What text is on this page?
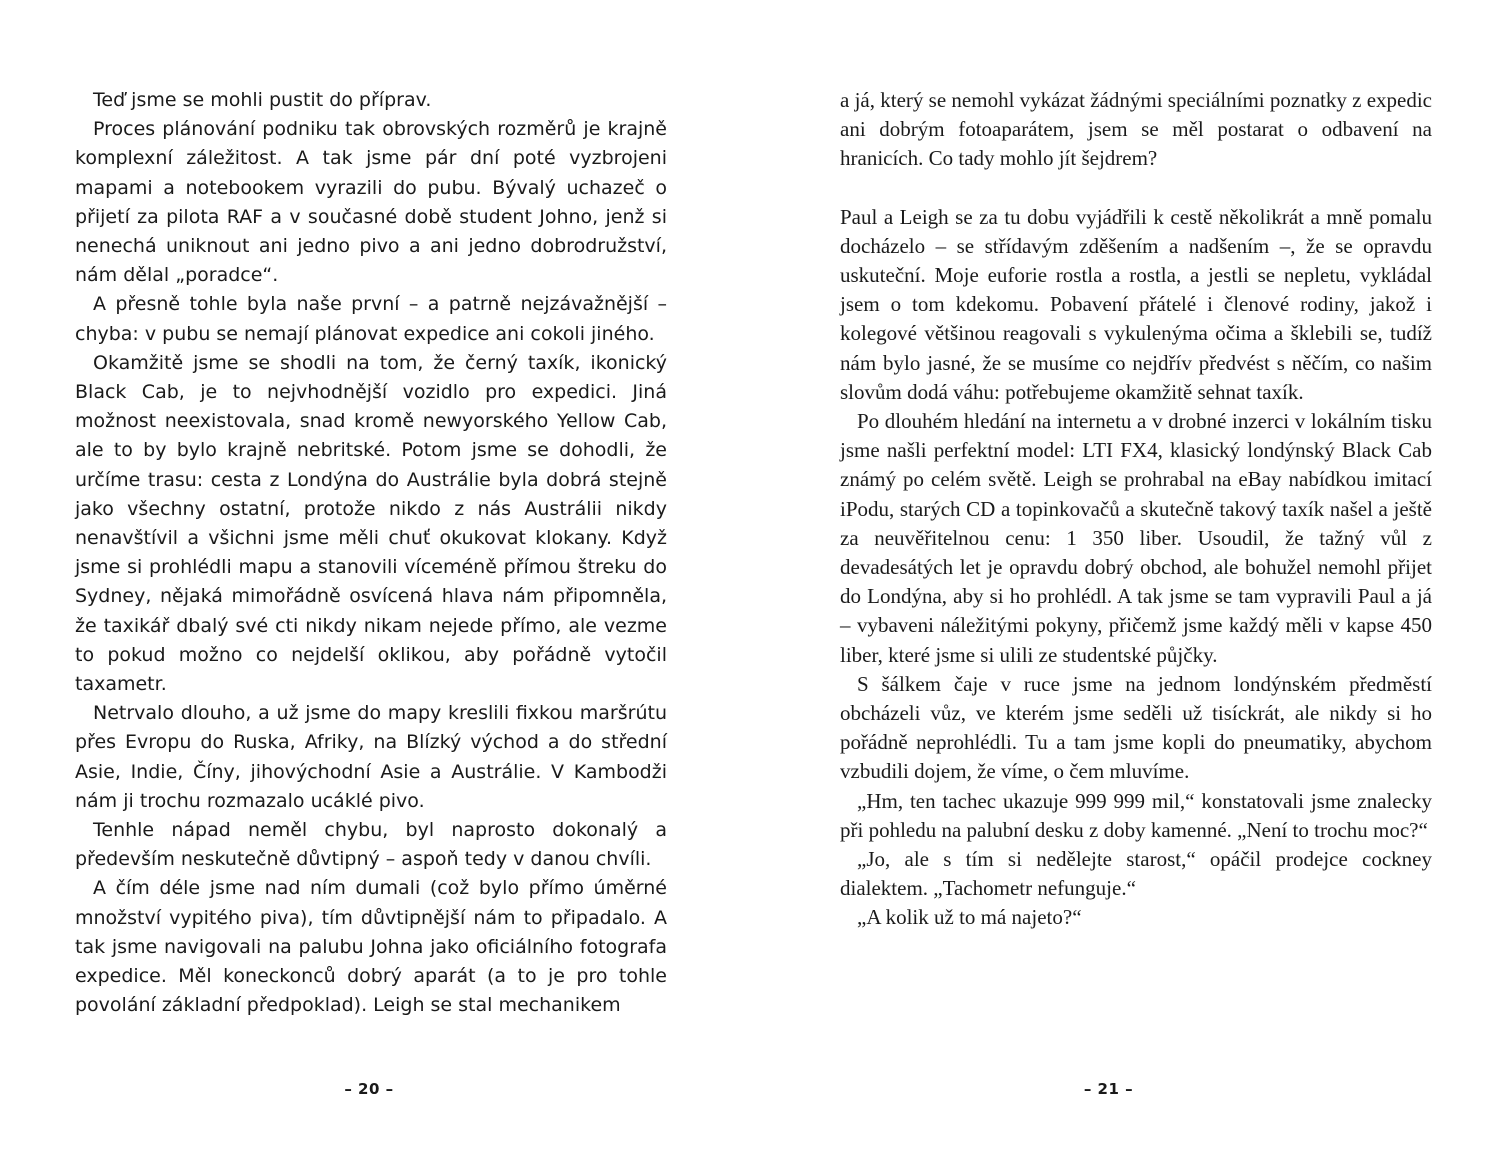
Teď jsme se mohli pustit do příprav.

Proces plánování podniku tak obrovských rozměrů je krajně komplexní záležitost. A tak jsme pár dní poté vyzbrojeni mapami a notebookem vyrazili do pubu. Bývalý uchazeč o přijetí za pilota RAF a v současné době student Johno, jenž si nenechá uniknout ani jedno pivo a ani jedno dobrodružství, nám dělal „poradce“.

A přesně tohle byla naše první – a patrně nejzávažnější – chyba: v pubu se nemají plánovat expedice ani cokoli jiného.

Okamžitě jsme se shodli na tom, že černý taxík, ikonický Black Cab, je to nejvhodnější vozidlo pro expedici. Jiná možnost neexistovala, snad kromě newyorského Yellow Cab, ale to by bylo krajně nebritské. Potom jsme se dohodli, že určíme trasu: cesta z Londýna do Austrálie byla dobrá stejně jako všechny ostatní, protože nikdo z nás Austrálii nikdy nenavštívil a všichni jsme měli chuť okukovat klokany. Když jsme si prohlédli mapu a stanovili víceméně přímou štreku do Sydney, nějaká mimořádně osvícená hlava nám připomněla, že taxikář dbalý své cti nikdy nikam nejede přímo, ale vezme to pokud možno co nejdelší oklikou, aby pořádně vytočil taxametr.

Netrvalo dlouho, a už jsme do mapy kreslili fixkou maršrútu přes Evropu do Ruska, Afriky, na Blízký východ a do střední Asie, Indie, Číny, jihovýchodní Asie a Austrálie. V Kambodži nám ji trochu rozmazalo ucáklé pivo.

Tenhle nápad neměl chybu, byl naprosto dokonalý a především neskutečně důvtipný – aspoň tedy v danou chvíli.

A čím déle jsme nad ním dumali (což bylo přímo úměrné množství vypitého piva), tím důvtipnější nám to připadalo. A tak jsme navigovali na palubu Johna jako oficiálního fotografa expedice. Měl koneckonců dobrý aparát (a to je pro tohle povolání základní předpoklad). Leigh se stal mechanikem

– 20 –

a já, který se nemohl vykázat žádnými speciálními poznatky z expedic ani dobrým fotoaparátem, jsem se měl postarat o odbavení na hranicích. Co tady mohlo jít šejdrem?

Paul a Leigh se za tu dobu vyjádřili k cestě několikrát a mně pomalu docházelo – se střídavým zděšením a nadšením –, že se opravdu uskuteční. Moje euforie rostla a rostla, a jestli se nepletu, vykládal jsem o tom kdekomu. Pobavení přátelé i členové rodiny, jakož i kolegové většinou reagovali s vykulenýma očima a šklebili se, tudíž nám bylo jasné, že se musíme co nejdřív předvést s něčím, co našim slovům dodá váhu: potřebujeme okamžitě sehnat taxík.

Po dlouhém hledání na internetu a v drobné inzerci v lokálním tisku jsme našli perfektní model: LTI FX4, klasický londýnský Black Cab známý po celém světě. Leigh se prohrabal na eBay nabídkou imitací iPodu, starých CD a topinkovačů a skutečně takový taxík našel a ještě za neuvěřitelnou cenu: 1 350 liber. Usoudil, že tažný vůl z devadesátých let je opravdu dobrý obchod, ale bohužel nemohl přijet do Londýna, aby si ho prohlédl. A tak jsme se tam vypravili Paul a já – vybaveni náležitými pokyny, přičemž jsme každý měli v kapse 450 liber, které jsme si ulili ze studentské půjčky.

S šálkem čaje v ruce jsme na jednom londýnském předměstí obcházeli vůz, ve kterém jsme seděli už tisíckrát, ale nikdy si ho pořádně neprohlédli. Tu a tam jsme kopli do pneumatiky, abychom vzbudili dojem, že víme, o čem mluvíme.

„Hm, ten tachec ukazuje 999 999 mil,“ konstatovali jsme znalecky při pohledu na palubní desku z doby kamenné. „Není to trochu moc?“

„Jo, ale s tím si nedělejte starost,“ opáčil prodejce cockney dialektem. „Tachometr nefunguje.“

„A kolik už to má najeto?“

– 21 –
